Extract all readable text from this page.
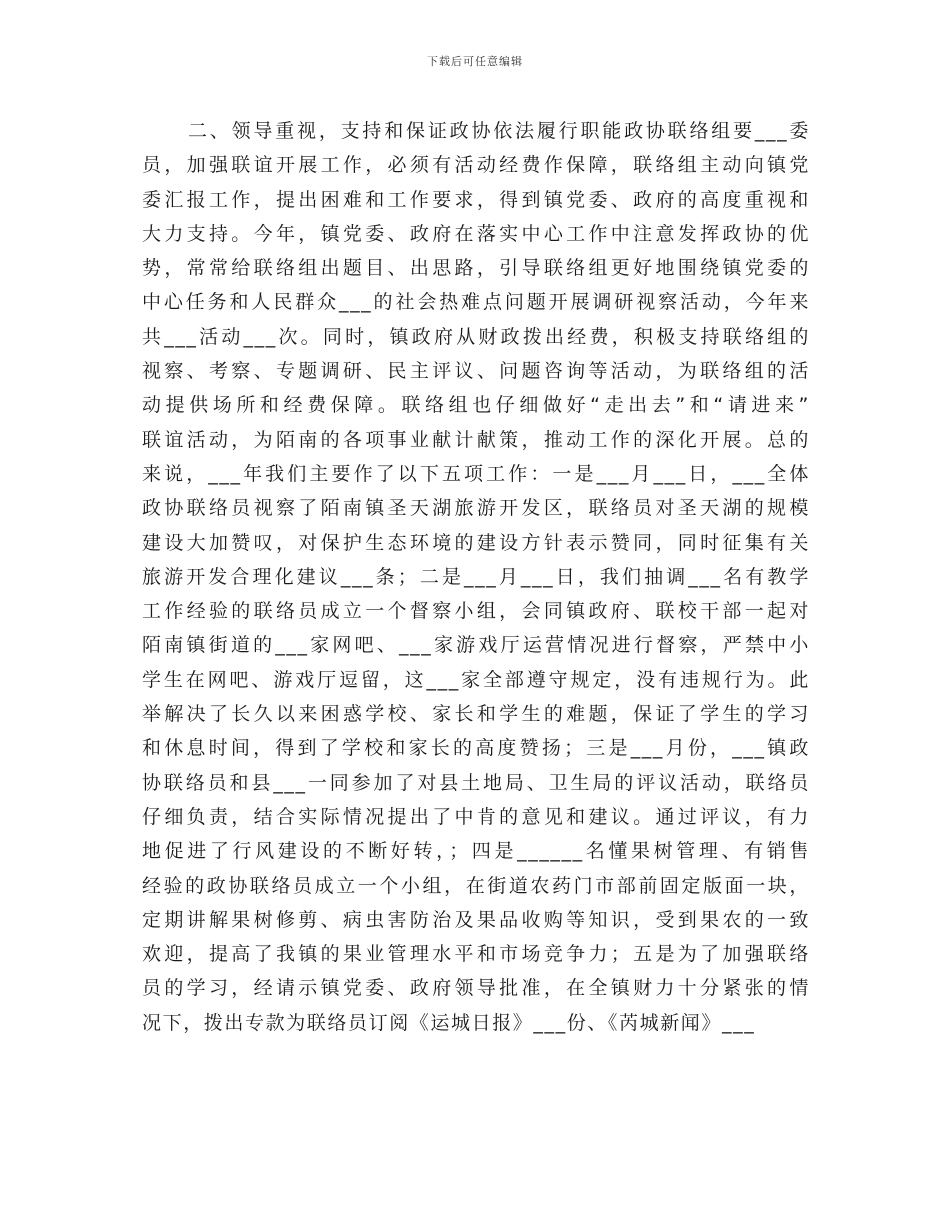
下载后可任意编辑
二、领导重视，支持和保证政协依法履行职能政协联络组要___委
员，加强联谊开展工作，必须有活动经费作保障，联络组主动向镇党
委汇报工作，提出困难和工作要求，得到镇党委、政府的高度重视和
大力支持。今年，镇党委、政府在落实中心工作中注意发挥政协的优
势，常常给联络组出题目、出思路，引导联络组更好地围绕镇党委的
中心任务和人民群众___的社会热难点问题开展调研视察活动，今年来
共___活动___次。同时，镇政府从财政拨出经费，积极支持联络组的
视察、考察、专题调研、民主评议、问题咨询等活动，为联络组的活
动提供场所和经费保障。联络组也仔细做好“走出去”和“请进来”
联谊活动，为陌南的各项事业献计献策，推动工作的深化开展。总的
来说，___年我们主要作了以下五项工作：一是___月___日，___全体
政协联络员视察了陌南镇圣天湖旅游开发区，联络员对圣天湖的规模
建设大加赞叹，对保护生态环境的建设方针表示赞同，同时征集有关
旅游开发合理化建议___条；二是___月___日，我们抽调___名有教学
工作经验的联络员成立一个督察小组，会同镇政府、联校干部一起对
陌南镇街道的___家网吧、___家游戏厅运营情况进行督察，严禁中小
学生在网吧、游戏厅逗留，这___家全部遵守规定，没有违规行为。此
举解决了长久以来困惑学校、家长和学生的难题，保证了学生的学习
和休息时间，得到了学校和家长的高度赞扬；三是___月份，___镇政
协联络员和县___一同参加了对县土地局、卫生局的评议活动，联络员
仔细负责，结合实际情况提出了中肯的意见和建议。通过评议，有力
地促进了行风建设的不断好转，；四是______名懂果树管理、有销售
经验的政协联络员成立一个小组，在街道农药门市部前固定版面一块，
定期讲解果树修剪、病虫害防治及果品收购等知识，受到果农的一致
欢迎，提高了我镇的果业管理水平和市场竞争力；五是为了加强联络
员的学习，经请示镇党委、政府领导批准，在全镇财力十分紧张的情
况下，拨出专款为联络员订阅《运城日报》___份、《芮城新闻》___
